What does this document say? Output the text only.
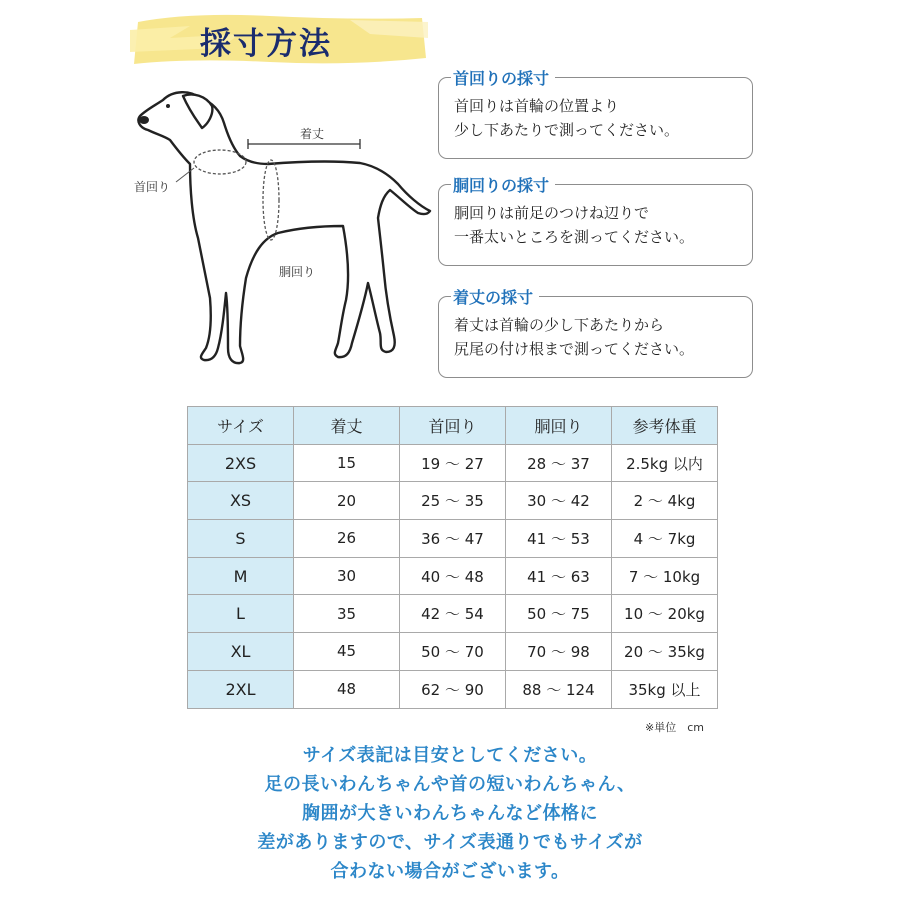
採寸方法
首回り
着丈
胴回り
首回りの採寸
首回りは首輪の位置より
少し下あたりで測ってください。
胴回りの採寸
胴回りは前足のつけね辺りで
一番太いところを測ってください。
着丈の採寸
着丈は首輪の少し下あたりから
尻尾の付け根まで測ってください。
サイズ	着丈	首回り	胴回り	参考体重
2XS	15	19 〜 27	28 〜 37	2.5kg 以内
XS	20	25 〜 35	30 〜 42	2 〜 4kg
S	26	36 〜 47	41 〜 53	4 〜 7kg
M	30	40 〜 48	41 〜 63	7 〜 10kg
L	35	42 〜 54	50 〜 75	10 〜 20kg
XL	45	50 〜 70	70 〜 98	20 〜 35kg
2XL	48	62 〜 90	88 〜 124	35kg 以上
※単位　cm

サイズ表記は目安としてください。

足の長いわんちゃんや首の短いわんちゃん、

胸囲が大きいわんちゃんなど体格に

差がありますので、サイズ表通りでもサイズが

合わない場合がございます。
